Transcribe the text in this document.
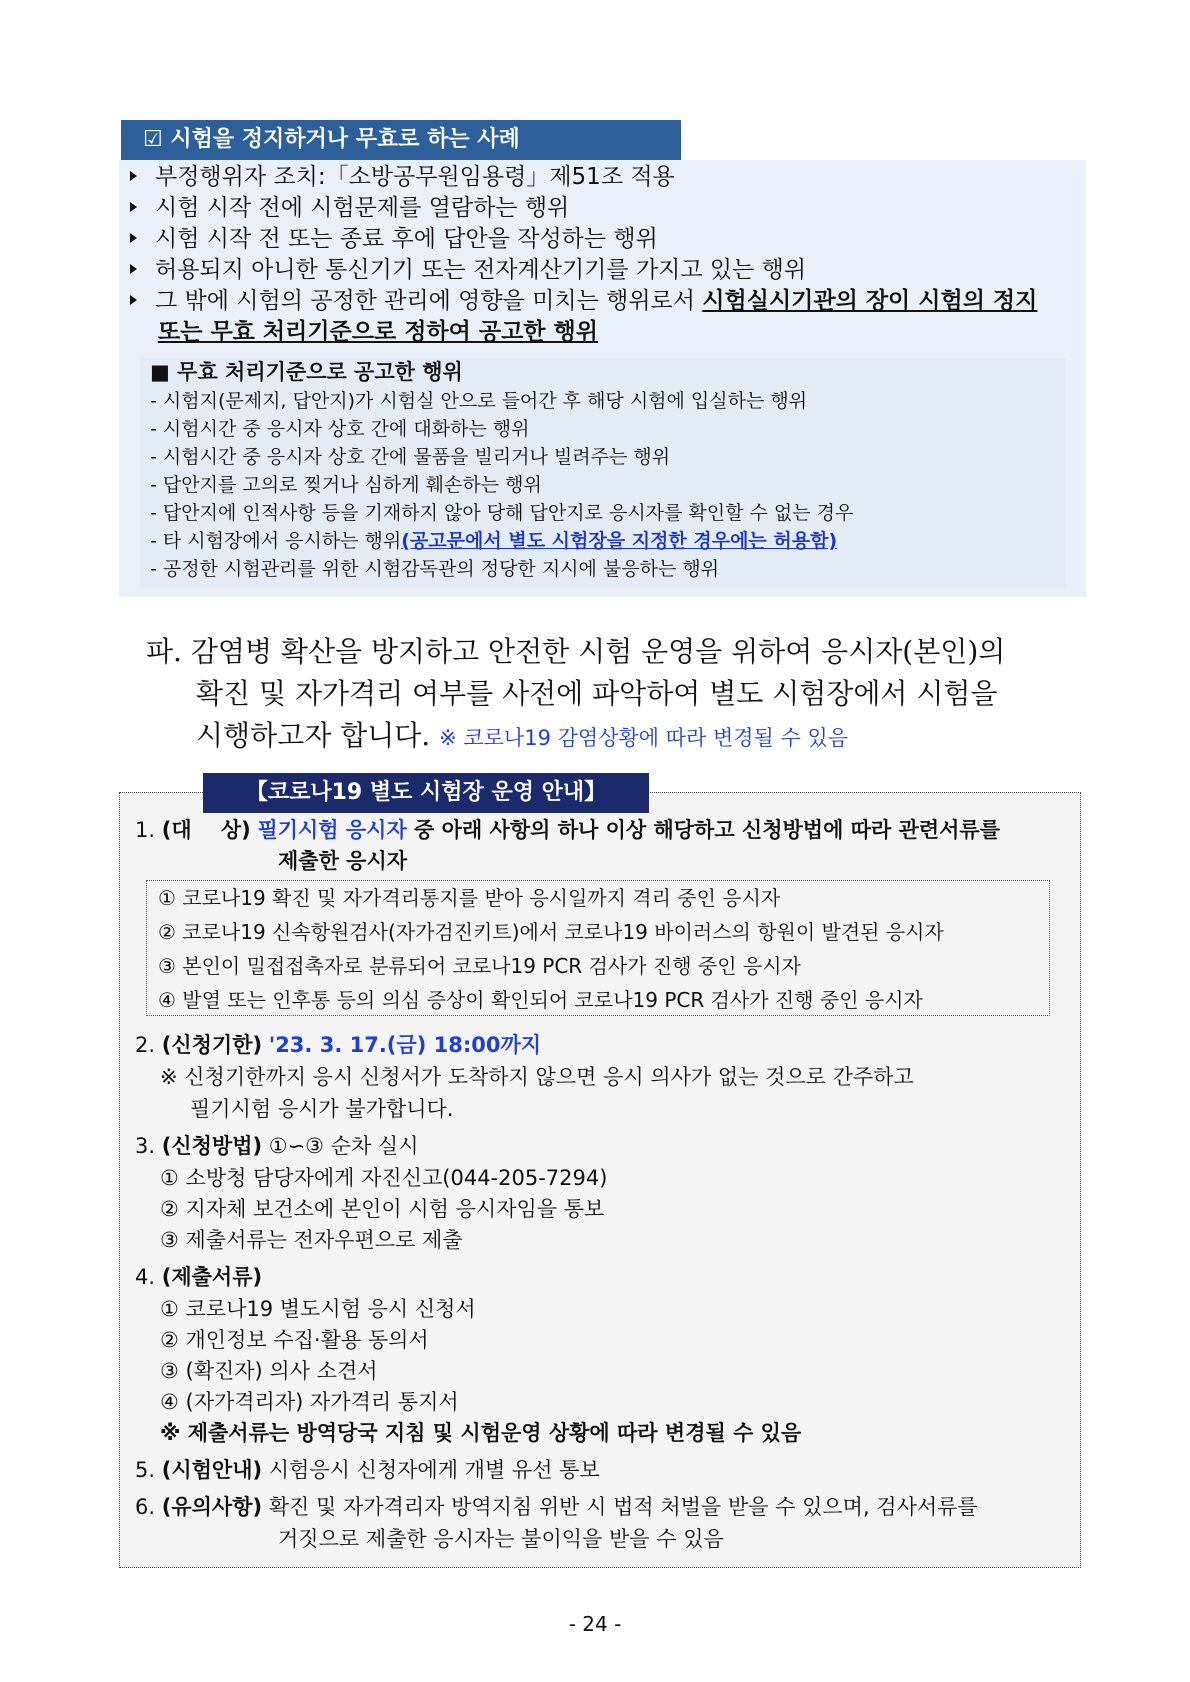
☑ 시험을 정지하거나 무효로 하는 사례
부정행위자 조치:「소방공무원임용령」제51조 적용
시험 시작 전에 시험문제를 열람하는 행위
시험 시작 전 또는 종료 후에 답안을 작성하는 행위
허용되지 아니한 통신기기 또는 전자계산기기를 가지고 있는 행위
그 밖에 시험의 공정한 관리에 영향을 미치는 행위로서 시험실시기관의 장이 시험의 정지
또는 무효 처리기준으로 정하여 공고한 행위
■ 무효 처리기준으로 공고한 행위
- 시험지(문제지, 답안지)가 시험실 안으로 들어간 후 해당 시험에 입실하는 행위
- 시험시간 중 응시자 상호 간에 대화하는 행위
- 시험시간 중 응시자 상호 간에 물품을 빌리거나 빌려주는 행위
- 답안지를 고의로 찢거나 심하게 훼손하는 행위
- 답안지에 인적사항 등을 기재하지 않아 당해 답안지로 응시자를 확인할 수 없는 경우
- 타 시험장에서 응시하는 행위(공고문에서 별도 시험장을 지정한 경우에는 허용함)
- 공정한 시험관리를 위한 시험감독관의 정당한 지시에 불응하는 행위
파. 감염병 확산을 방지하고 안전한 시험 운영을 위하여 응시자(본인)의
확진 및 자가격리 여부를 사전에 파악하여 별도 시험장에서 시험을
시행하고자 합니다. ※ 코로나19 감염상황에 따라 변경될 수 있음
【코로나19 별도 시험장 운영 안내】
1. (대    상) 필기시험 응시자 중 아래 사항의 하나 이상 해당하고 신청방법에 따라 관련서류를
제출한 응시자
① 코로나19 확진 및 자가격리통지를 받아 응시일까지 격리 중인 응시자
② 코로나19 신속항원검사(자가검진키트)에서 코로나19 바이러스의 항원이 발견된 응시자
③ 본인이 밀접접촉자로 분류되어 코로나19 PCR 검사가 진행 중인 응시자
④ 발열 또는 인후통 등의 의심 증상이 확인되어 코로나19 PCR 검사가 진행 중인 응시자
2. (신청기한) '23. 3. 17.(금) 18:00까지
※ 신청기한까지 응시 신청서가 도착하지 않으면 응시 의사가 없는 것으로 간주하고
필기시험 응시가 불가합니다.
3. (신청방법) ①∽③ 순차 실시
① 소방청 담당자에게 자진신고(044-205-7294)
② 지자체 보건소에 본인이 시험 응시자임을 통보
③ 제출서류는 전자우편으로 제출
4. (제출서류)
① 코로나19 별도시험 응시 신청서
② 개인정보 수집·활용 동의서
③ (확진자) 의사 소견서
④ (자가격리자) 자가격리 통지서
※ 제출서류는 방역당국 지침 및 시험운영 상황에 따라 변경될 수 있음
5. (시험안내) 시험응시 신청자에게 개별 유선 통보
6. (유의사항) 확진 및 자가격리자 방역지침 위반 시 법적 처벌을 받을 수 있으며, 검사서류를
거짓으로 제출한 응시자는 불이익을 받을 수 있음
- 24 -
